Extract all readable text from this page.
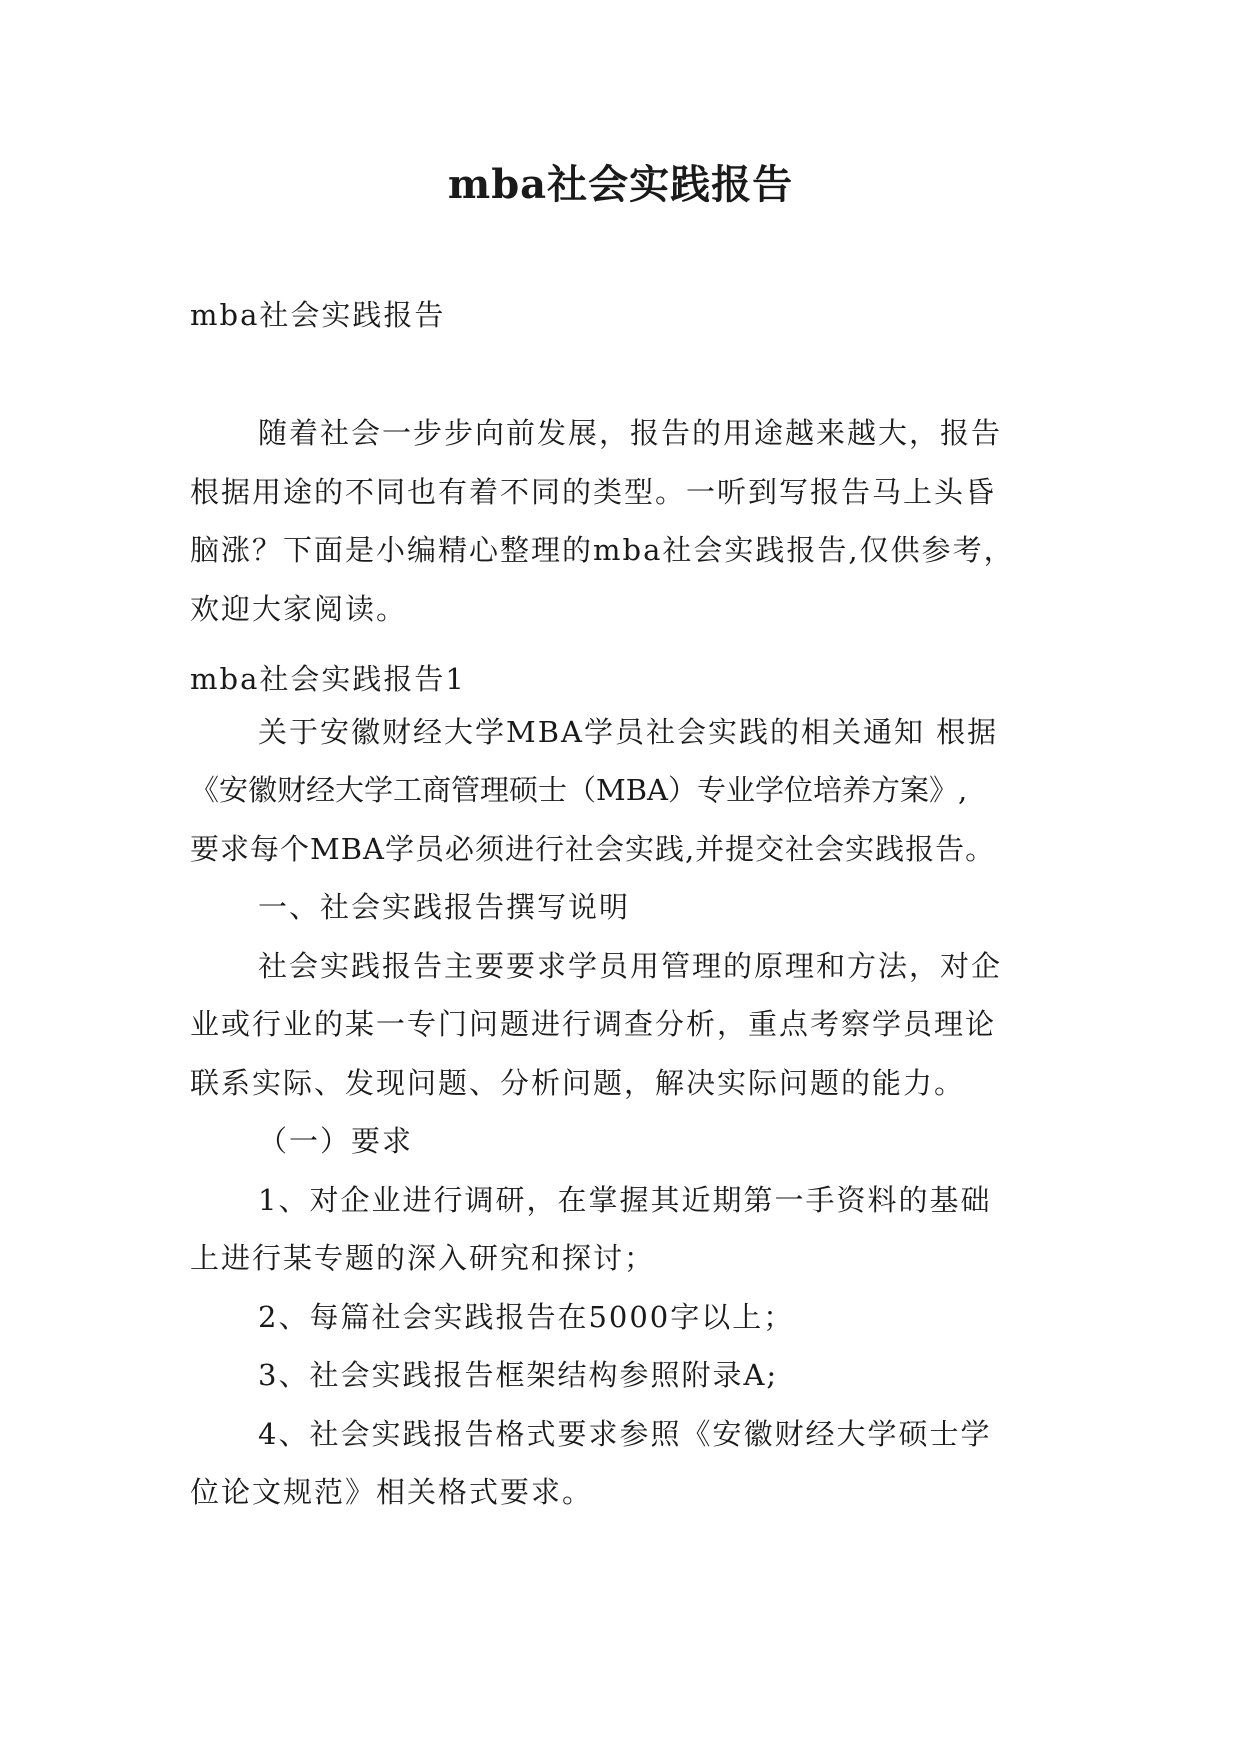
mba社会实践报告
mba社会实践报告
随着社会一步步向前发展，报告的用途越来越大，报告
根据用途的不同也有着不同的类型。一听到写报告马上头昏
脑涨？下面是小编精心整理的mba社会实践报告,仅供参考，
欢迎大家阅读。
mba社会实践报告1
关于安徽财经大学MBA学员社会实践的相关通知 根据
《安徽财经大学工商管理硕士（MBA）专业学位培养方案》,
要求每个MBA学员必须进行社会实践,并提交社会实践报告。
一、社会实践报告撰写说明
社会实践报告主要要求学员用管理的原理和方法，对企
业或行业的某一专门问题进行调查分析，重点考察学员理论
联系实际、发现问题、分析问题，解决实际问题的能力。
（一）要求
1、对企业进行调研，在掌握其近期第一手资料的基础
上进行某专题的深入研究和探讨；
2、每篇社会实践报告在5000字以上；
3、社会实践报告框架结构参照附录A;
4、社会实践报告格式要求参照《安徽财经大学硕士学
位论文规范》相关格式要求。
